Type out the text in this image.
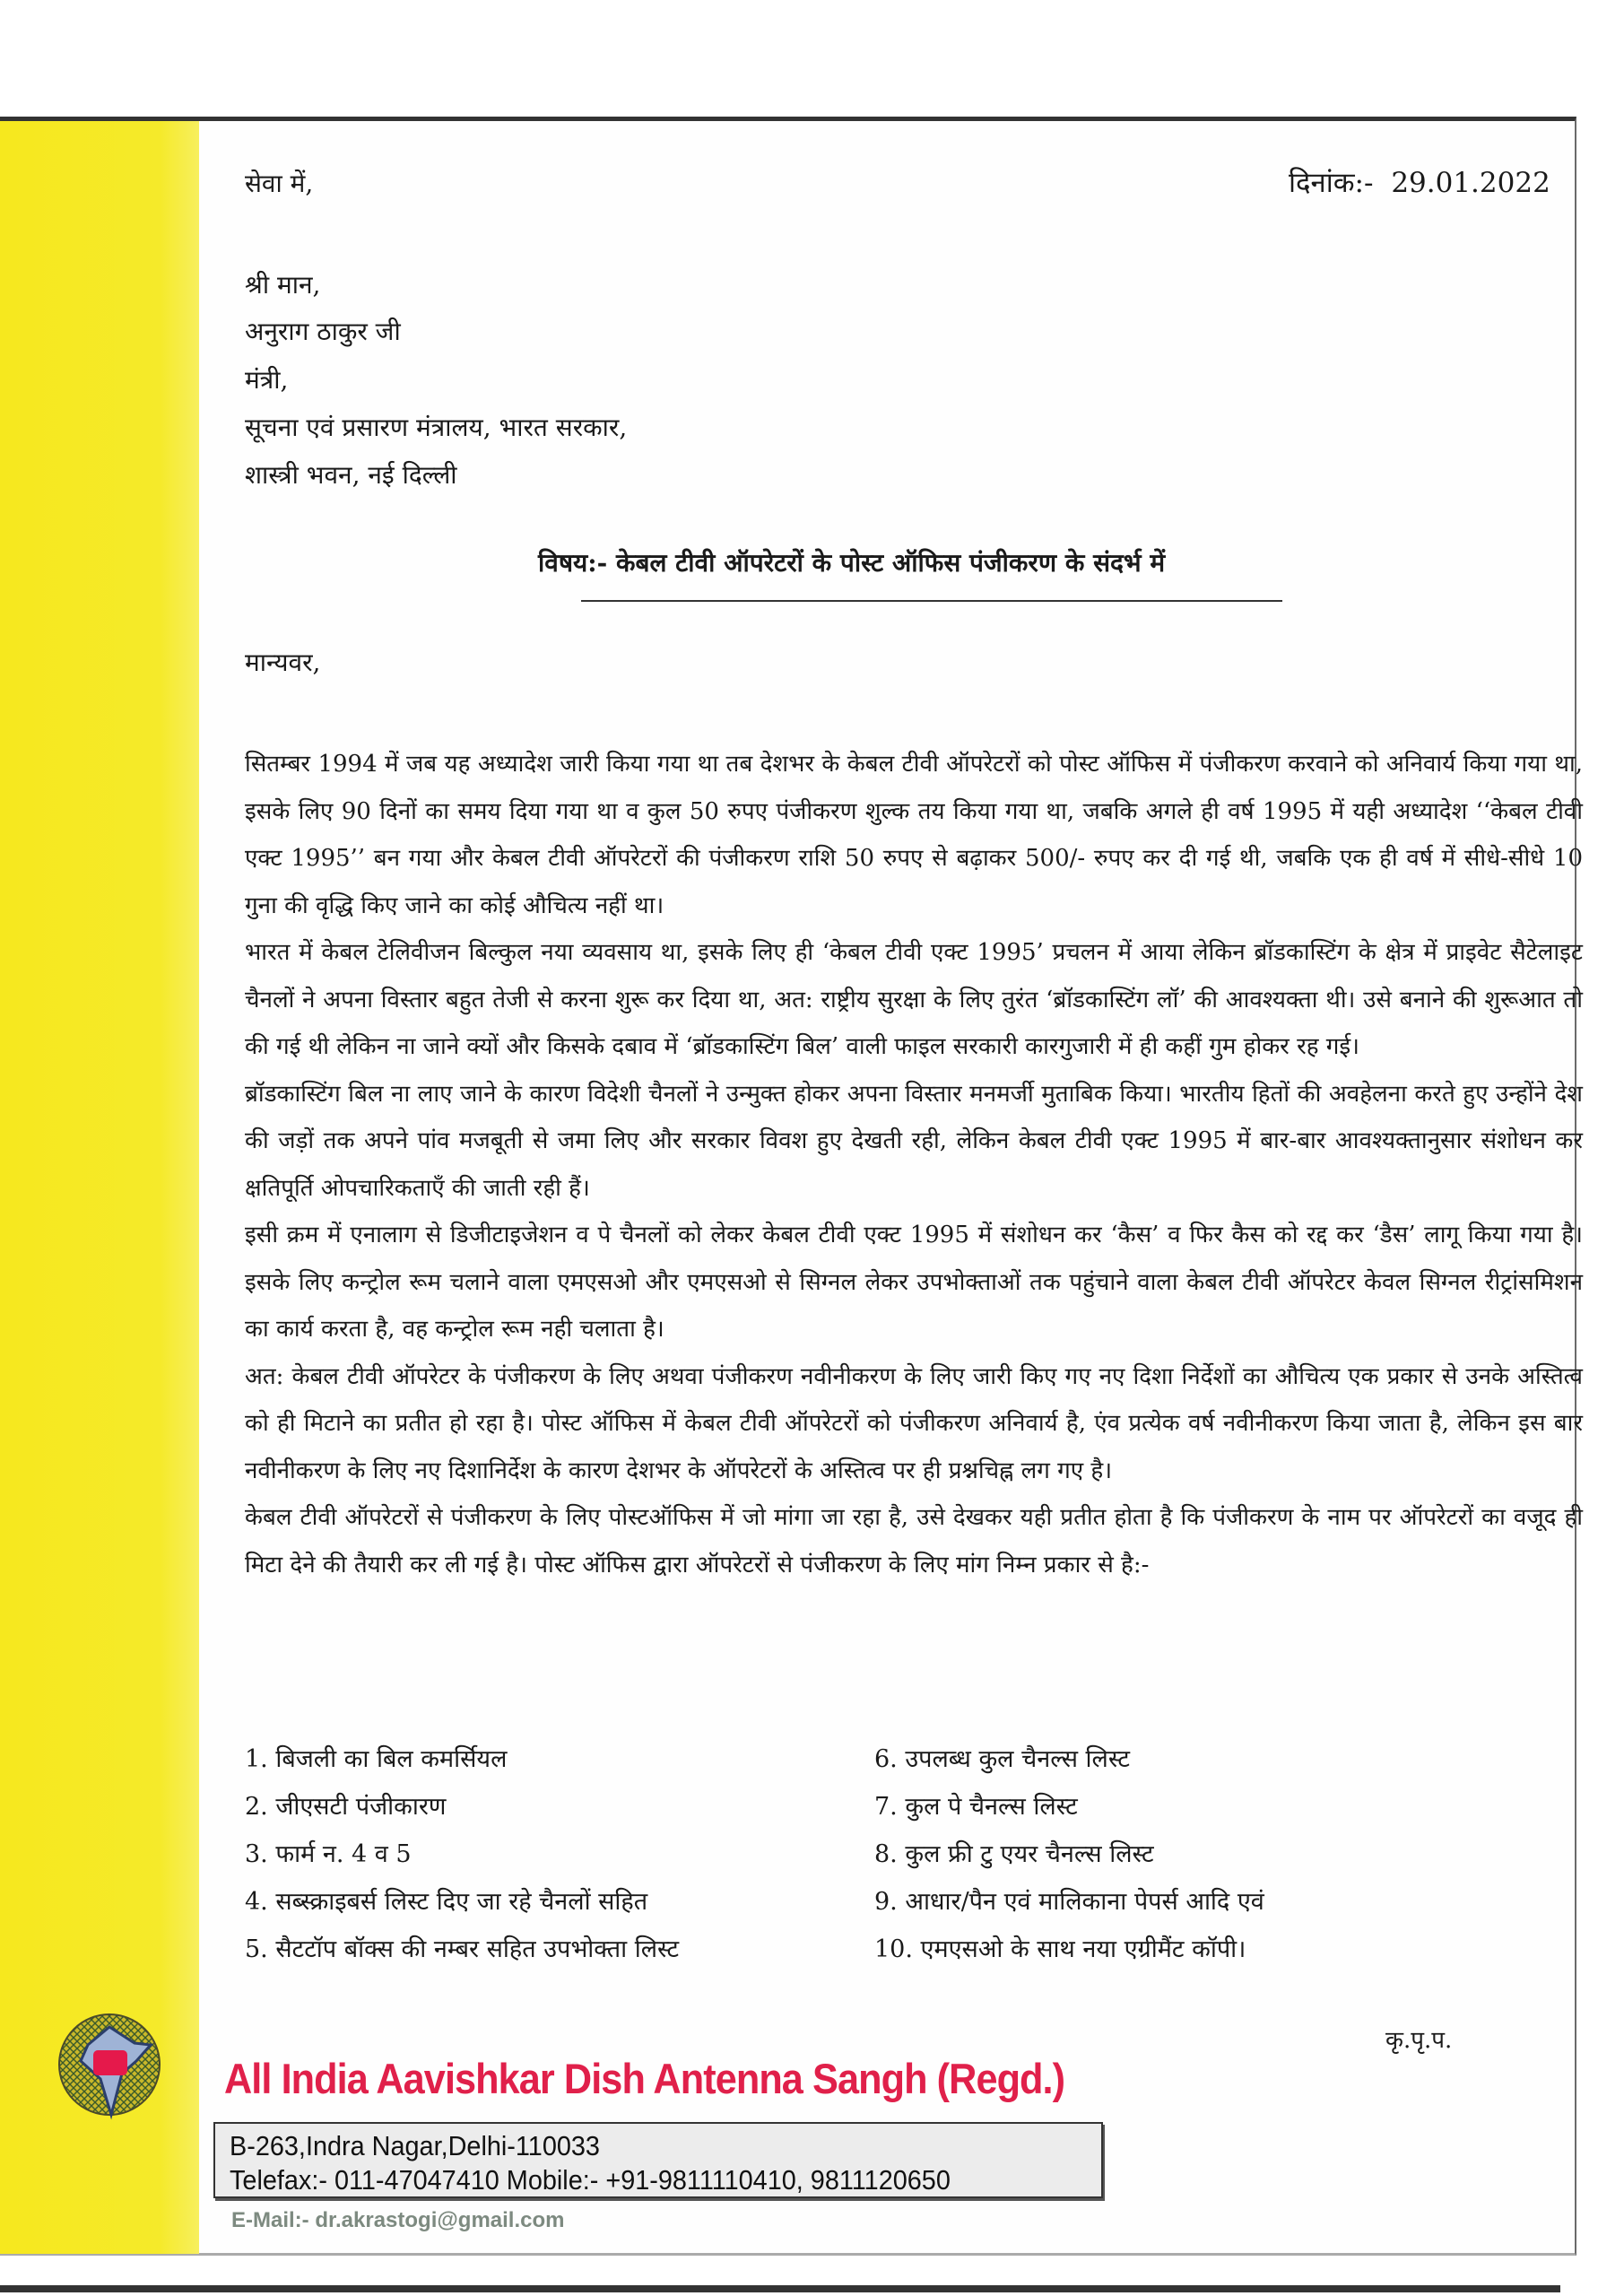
सेवा में,	दिनांक:- 29.01.2022
श्री मान,
अनुराग ठाकुर जी
मंत्री,
सूचना एवं प्रसारण मंत्रालय, भारत सरकार,
शास्त्री भवन, नई दिल्ली
विषय:- केबल टीवी ऑपरेटरों के पोस्ट ऑफिस पंजीकरण के संदर्भ में
मान्यवर,

सितम्बर 1994 में जब यह अध्यादेश जारी किया गया था तब देशभर के केबल टीवी ऑपरेटरों को पोस्ट ऑफिस में पंजीकरण करवाने को अनिवार्य किया गया था, इसके लिए 90 दिनों का समय दिया गया था व कुल 50 रुपए पंजीकरण शुल्क तय किया गया था, जबकि अगले ही वर्ष 1995 में यही अध्यादेश ‘‘केबल टीवी एक्ट 1995’’ बन गया और केबल टीवी ऑपरेटरों की पंजीकरण राशि 50 रुपए से बढ़ाकर 500/- रुपए कर दी गई थी, जबकि एक ही वर्ष में सीधे-सीधे 10 गुना की वृद्धि किए जाने का कोई औचित्य नहीं था।

भारत में केबल टेलिवीजन बिल्कुल नया व्यवसाय था, इसके लिए ही ‘केबल टीवी एक्ट 1995’ प्रचलन में आया लेकिन ब्रॉडकास्टिंग के क्षेत्र में प्राइवेट सैटेलाइट चैनलों ने अपना विस्तार बहुत तेजी से करना शुरू कर दिया था, अत: राष्ट्रीय सुरक्षा के लिए तुरंत ‘ब्रॉडकास्टिंग लॉ’ की आवश्यक्ता थी। उसे बनाने की शुरूआत तो की गई थी लेकिन ना जाने क्यों और किसके दबाव में ‘ब्रॉडकास्टिंग बिल’ वाली फाइल सरकारी कारगुजारी में ही कहीं गुम होकर रह गई।

ब्रॉडकास्टिंग बिल ना लाए जाने के कारण विदेशी चैनलों ने उन्मुक्त होकर अपना विस्तार मनमर्जी मुताबिक किया। भारतीय हितों की अवहेलना करते हुए उन्होंने देश की जड़ों तक अपने पांव मजबूती से जमा लिए और सरकार विवश हुए देखती रही, लेकिन केबल टीवी एक्ट 1995 में बार-बार आवश्यक्तानुसार संशोधन कर क्षतिपूर्ति ओपचारिकताएँ की जाती रही हैं।

इसी क्रम में एनालाग से डिजीटाइजेशन व पे चैनलों को लेकर केबल टीवी एक्ट 1995 में संशोधन कर ‘कैस’ व फिर कैस को रद्द कर ‘डैस’ लागू किया गया है। इसके लिए कन्ट्रोल रूम चलाने वाला एमएसओ और एमएसओ से सिग्नल लेकर उपभोक्ताओं तक पहुंचाने वाला केबल टीवी ऑपरेटर केवल सिग्नल रीट्रांसमिशन का कार्य करता है, वह कन्ट्रोल रूम नही चलाता है।

अत: केबल टीवी ऑपरेटर के पंजीकरण के लिए अथवा पंजीकरण नवीनीकरण के लिए जारी किए गए नए दिशा निर्देशों का औचित्य एक प्रकार से उनके अस्तित्व को ही मिटाने का प्रतीत हो रहा है। पोस्ट ऑफिस में केबल टीवी ऑपरेटरों को पंजीकरण अनिवार्य है, एंव प्रत्येक वर्ष नवीनीकरण किया जाता है, लेकिन इस बार नवीनीकरण के लिए नए दिशानिर्देश के कारण देशभर के ऑपरेटरों के अस्तित्व पर ही प्रश्नचिह्न लग गए है।

केबल टीवी ऑपरेटरों से पंजीकरण के लिए पोस्टऑफिस में जो मांगा जा रहा है, उसे देखकर यही प्रतीत होता है कि पंजीकरण के नाम पर ऑपरेटरों का वजूद ही मिटा देने की तैयारी कर ली गई है। पोस्ट ऑफिस द्वारा ऑपरेटरों से पंजीकरण के लिए मांग निम्न प्रकार से है:-

1. बिजली का बिल कमर्सियल
2. जीएसटी पंजीकारण
3. फार्म न. 4 व 5
4. सब्स्क्राइबर्स लिस्ट दिए जा रहे चैनलों सहित
5. सैटटॉप बॉक्स की नम्बर सहित उपभोक्ता लिस्ट
6. उपलब्ध कुल चैनल्स लिस्ट
7. कुल पे चैनल्स लिस्ट
8. कुल फ्री टु एयर चैनल्स लिस्ट
9. आधार/पैन एवं मालिकाना पेपर्स आदि एवं
10. एमएसओ के साथ नया एग्रीमैंट कॉपी।
कृ.पृ.प.
All India Aavishkar Dish Antenna Sangh (Regd.)
B-263,Indra Nagar,Delhi-110033
Telefax:- 011-47047410 Mobile:- +91-9811110410, 9811120650
E-Mail:- dr.akrastogi@gmail.com
